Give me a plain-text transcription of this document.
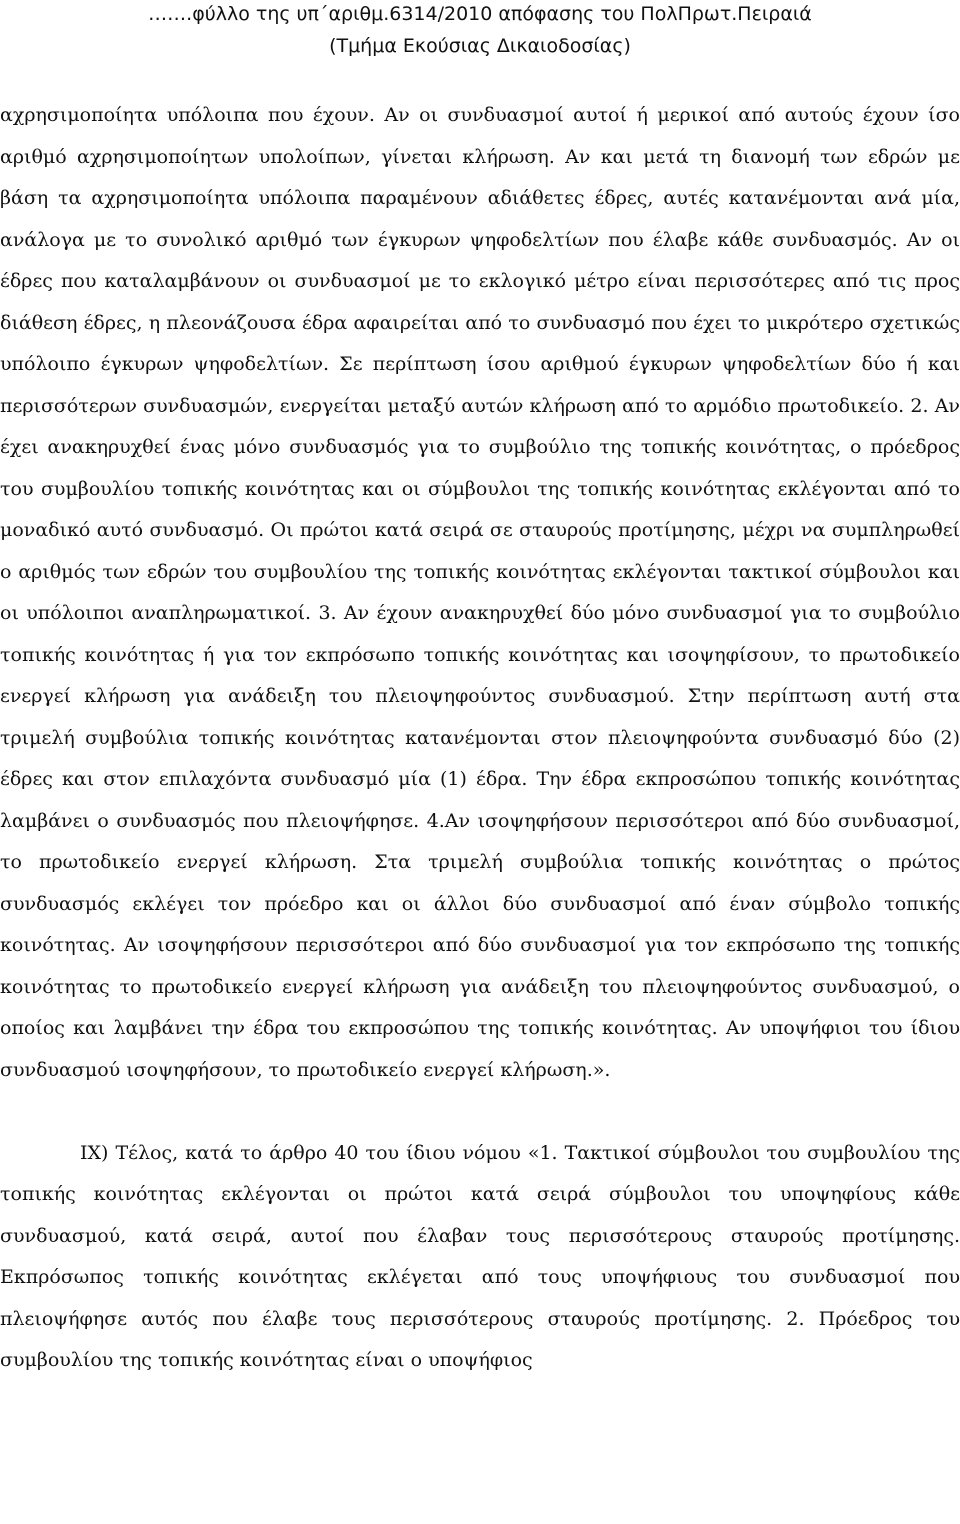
…….φύλλο της υπ΄αριθμ.6314/2010 απόφασης του ΠολΠρωτ.Πειραιά
(Τμήμα Εκούσιας Δικαιοδοσίας)

αχρησιμοποίητα υπόλοιπα που έχουν. Αν οι συνδυασμοί αυτοί ή μερικοί από αυτούς έχουν ίσο αριθμό αχρησιμοποίητων υπολοίπων, γίνεται κλήρωση. Αν και μετά τη διανομή των εδρών με βάση τα αχρησιμοποίητα υπόλοιπα παραμένουν αδιάθετες έδρες, αυτές κατανέμονται ανά μία, ανάλογα με το συνολικό αριθμό των έγκυρων ψηφοδελτίων που έλαβε κάθε συνδυασμός. Αν οι έδρες που καταλαμβάνουν οι συνδυασμοί με το εκλογικό μέτρο είναι περισσότερες από τις προς διάθεση έδρες, η πλεονάζουσα έδρα αφαιρείται από το συνδυασμό που έχει το μικρότερο σχετικώς υπόλοιπο έγκυρων ψηφοδελτίων. Σε περίπτωση ίσου αριθμού έγκυρων ψηφοδελτίων δύο ή και περισσότερων συνδυασμών, ενεργείται μεταξύ αυτών κλήρωση από το αρμόδιο πρωτοδικείο. 2. Αν έχει ανακηρυχθεί ένας μόνο συνδυασμός για το συμβούλιο της τοπικής κοινότητας, ο πρόεδρος του συμβουλίου τοπικής κοινότητας και οι σύμβουλοι της τοπικής κοινότητας εκλέγονται από το μοναδικό αυτό συνδυασμό. Οι πρώτοι κατά σειρά σε σταυρούς προτίμησης, μέχρι να συμπληρωθεί ο αριθμός των εδρών του συμβουλίου της τοπικής κοινότητας εκλέγονται τακτικοί σύμβουλοι και οι υπόλοιποι αναπληρωματικοί. 3. Αν έχουν ανακηρυχθεί δύο μόνο συνδυασμοί για το συμβούλιο τοπικής κοινότητας ή για τον εκπρόσωπο τοπικής κοινότητας και ισοψηφίσουν, το πρωτοδικείο ενεργεί κλήρωση για ανάδειξη του πλειοψηφούντος συνδυασμού. Στην περίπτωση αυτή στα τριμελή συμβούλια τοπικής κοινότητας κατανέμονται στον πλειοψηφούντα συνδυασμό δύο (2) έδρες και στον επιλαχόντα συνδυασμό μία (1) έδρα. Την έδρα εκπροσώπου τοπικής κοινότητας λαμβάνει ο συνδυασμός που πλειοψήφησε. 4.Αν ισοψηφήσουν περισσότεροι από δύο συνδυασμοί, το πρωτοδικείο ενεργεί κλήρωση. Στα τριμελή συμβούλια τοπικής κοινότητας ο πρώτος συνδυασμός εκλέγει τον πρόεδρο και οι άλλοι δύο συνδυασμοί από έναν σύμβολο τοπικής κοινότητας. Αν ισοψηφήσουν περισσότεροι από δύο συνδυασμοί για τον εκπρόσωπο της τοπικής κοινότητας το πρωτοδικείο ενεργεί κλήρωση για ανάδειξη του πλειοψηφούντος συνδυασμού, ο οποίος και λαμβάνει την έδρα του εκπροσώπου της τοπικής κοινότητας. Αν υποψήφιοι του ίδιου συνδυασμού ισοψηφήσουν, το πρωτοδικείο ενεργεί κλήρωση.».

IX) Τέλος, κατά το άρθρο 40 του ίδιου νόμου «1. Τακτικοί σύμβουλοι του συμβουλίου της τοπικής κοινότητας εκλέγονται οι πρώτοι κατά σειρά σύμβουλοι του υποψηφίους κάθε συνδυασμού, κατά σειρά, αυτοί που έλαβαν τους περισσότερους σταυρούς προτίμησης. Εκπρόσωπος τοπικής κοινότητας εκλέγεται από τους υποψήφιους του συνδυασμοί που πλειοψήφησε αυτός που έλαβε τους περισσότερους σταυρούς προτίμησης. 2. Πρόεδρος του συμβουλίου της τοπικής κοινότητας είναι ο υποψήφιος
